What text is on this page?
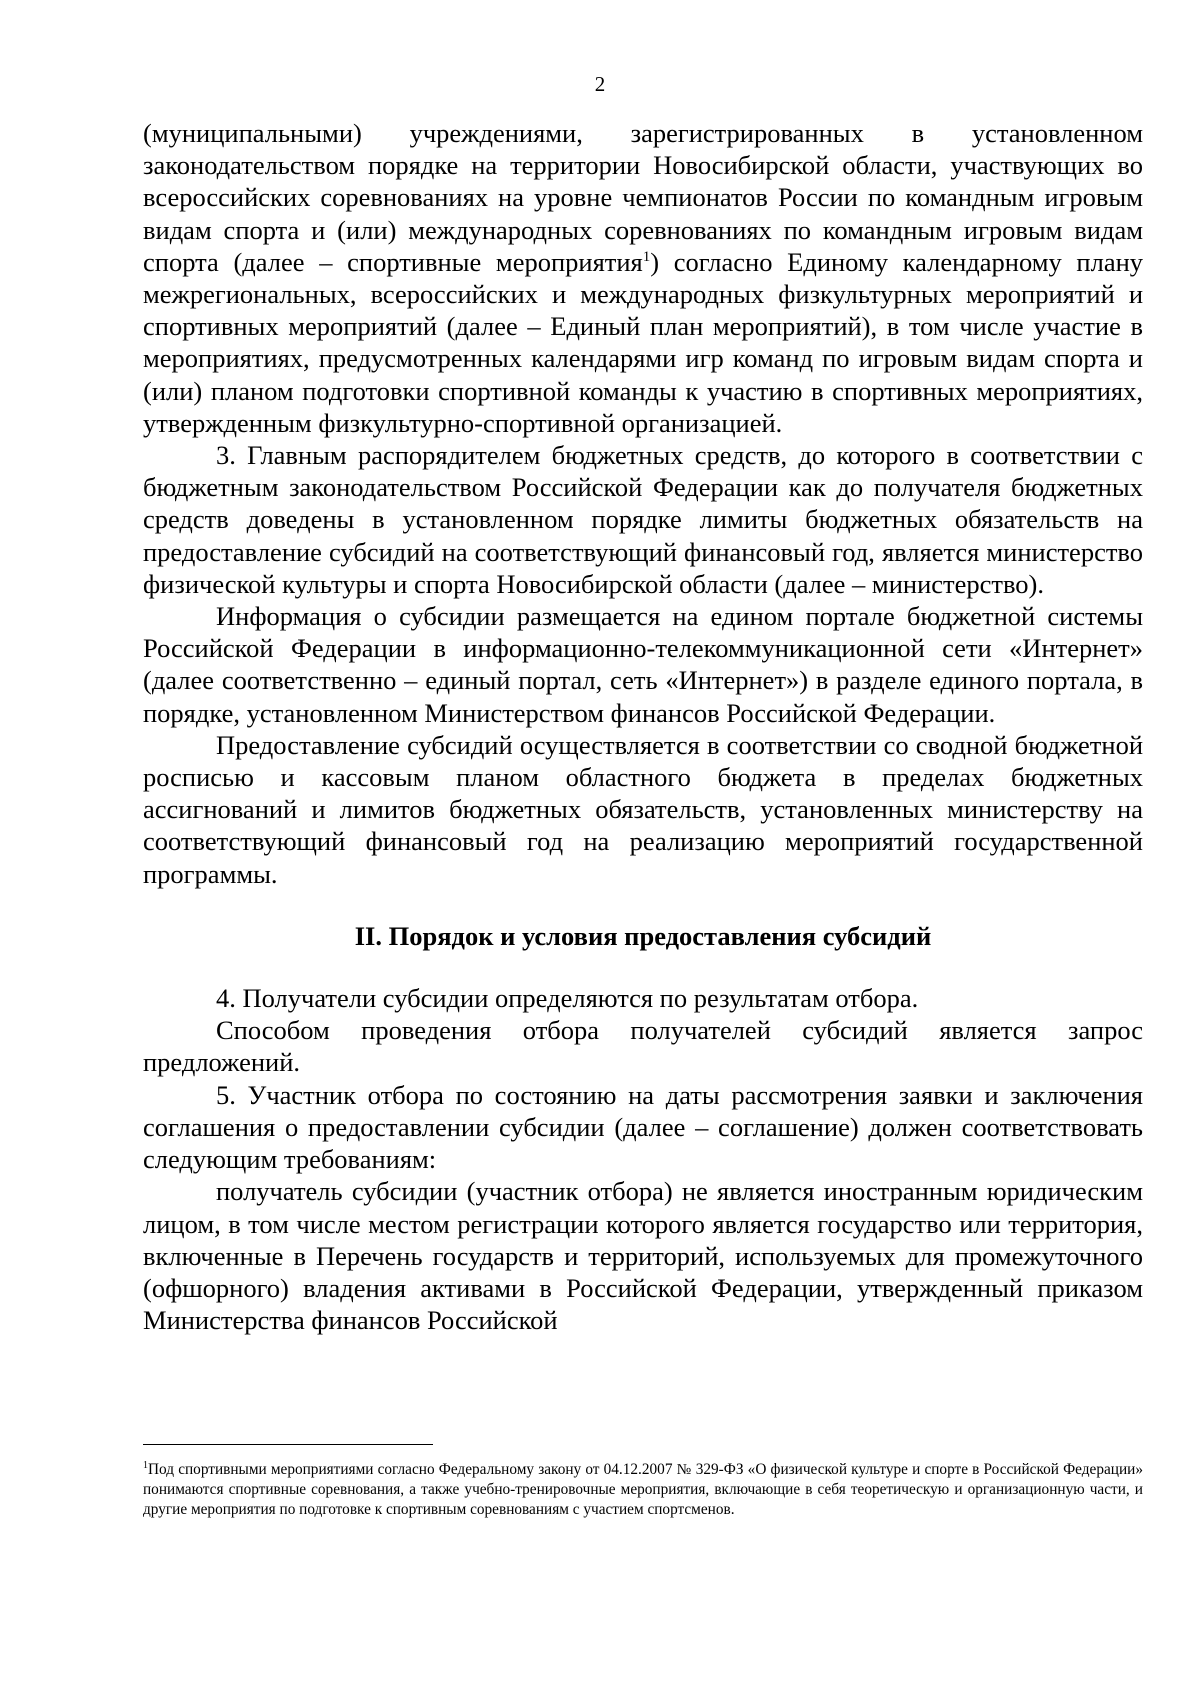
2

(муниципальными) учреждениями, зарегистрированных в установленном законодательством порядке на территории Новосибирской области, участвующих во всероссийских соревнованиях на уровне чемпионатов России по командным игровым видам спорта и (или) международных соревнованиях по командным игровым видам спорта (далее – спортивные мероприятия$^1$) согласно Единому календарному плану межрегиональных, всероссийских и международных физкультурных мероприятий и спортивных мероприятий (далее – Единый план мероприятий), в том числе участие в мероприятиях, предусмотренных календарями игр команд по игровым видам спорта и (или) планом подготовки спортивной команды к участию в спортивных мероприятиях, утвержденным физкультурно-спортивной организацией.

3. Главным распорядителем бюджетных средств, до которого в соответствии с бюджетным законодательством Российской Федерации как до получателя бюджетных средств доведены в установленном порядке лимиты бюджетных обязательств на предоставление субсидий на соответствующий финансовый год, является министерство физической культуры и спорта Новосибирской области (далее – министерство).

Информация о субсидии размещается на едином портале бюджетной системы Российской Федерации в информационно-телекоммуникационной сети «Интернет» (далее соответственно – единый портал, сеть «Интернет») в разделе единого портала, в порядке, установленном Министерством финансов Российской Федерации.

Предоставление субсидий осуществляется в соответствии со сводной бюджетной росписью и кассовым планом областного бюджета в пределах бюджетных ассигнований и лимитов бюджетных обязательств, установленных министерству на соответствующий финансовый год на реализацию мероприятий государственной программы.

II. Порядок и условия предоставления субсидий

4. Получатели субсидии определяются по результатам отбора.

Способом проведения отбора получателей субсидий является запрос предложений.

5. Участник отбора по состоянию на даты рассмотрения заявки и заключения соглашения о предоставлении субсидии (далее – соглашение) должен соответствовать следующим требованиям:

получатель субсидии (участник отбора) не является иностранным юридическим лицом, в том числе местом регистрации которого является государство или территория, включенные в Перечень государств и территорий, используемых для промежуточного (офшорного) владения активами в Российской Федерации, утвержденный приказом Министерства финансов Российской

$^1$Под спортивными мероприятиями согласно Федеральному закону от 04.12.2007 № 329-ФЗ «О физической культуре и спорте в Российской Федерации» понимаются спортивные соревнования, а также учебно-тренировочные мероприятия, включающие в себя теоретическую и организационную части, и другие мероприятия по подготовке к спортивным соревнованиям с участием спортсменов.
